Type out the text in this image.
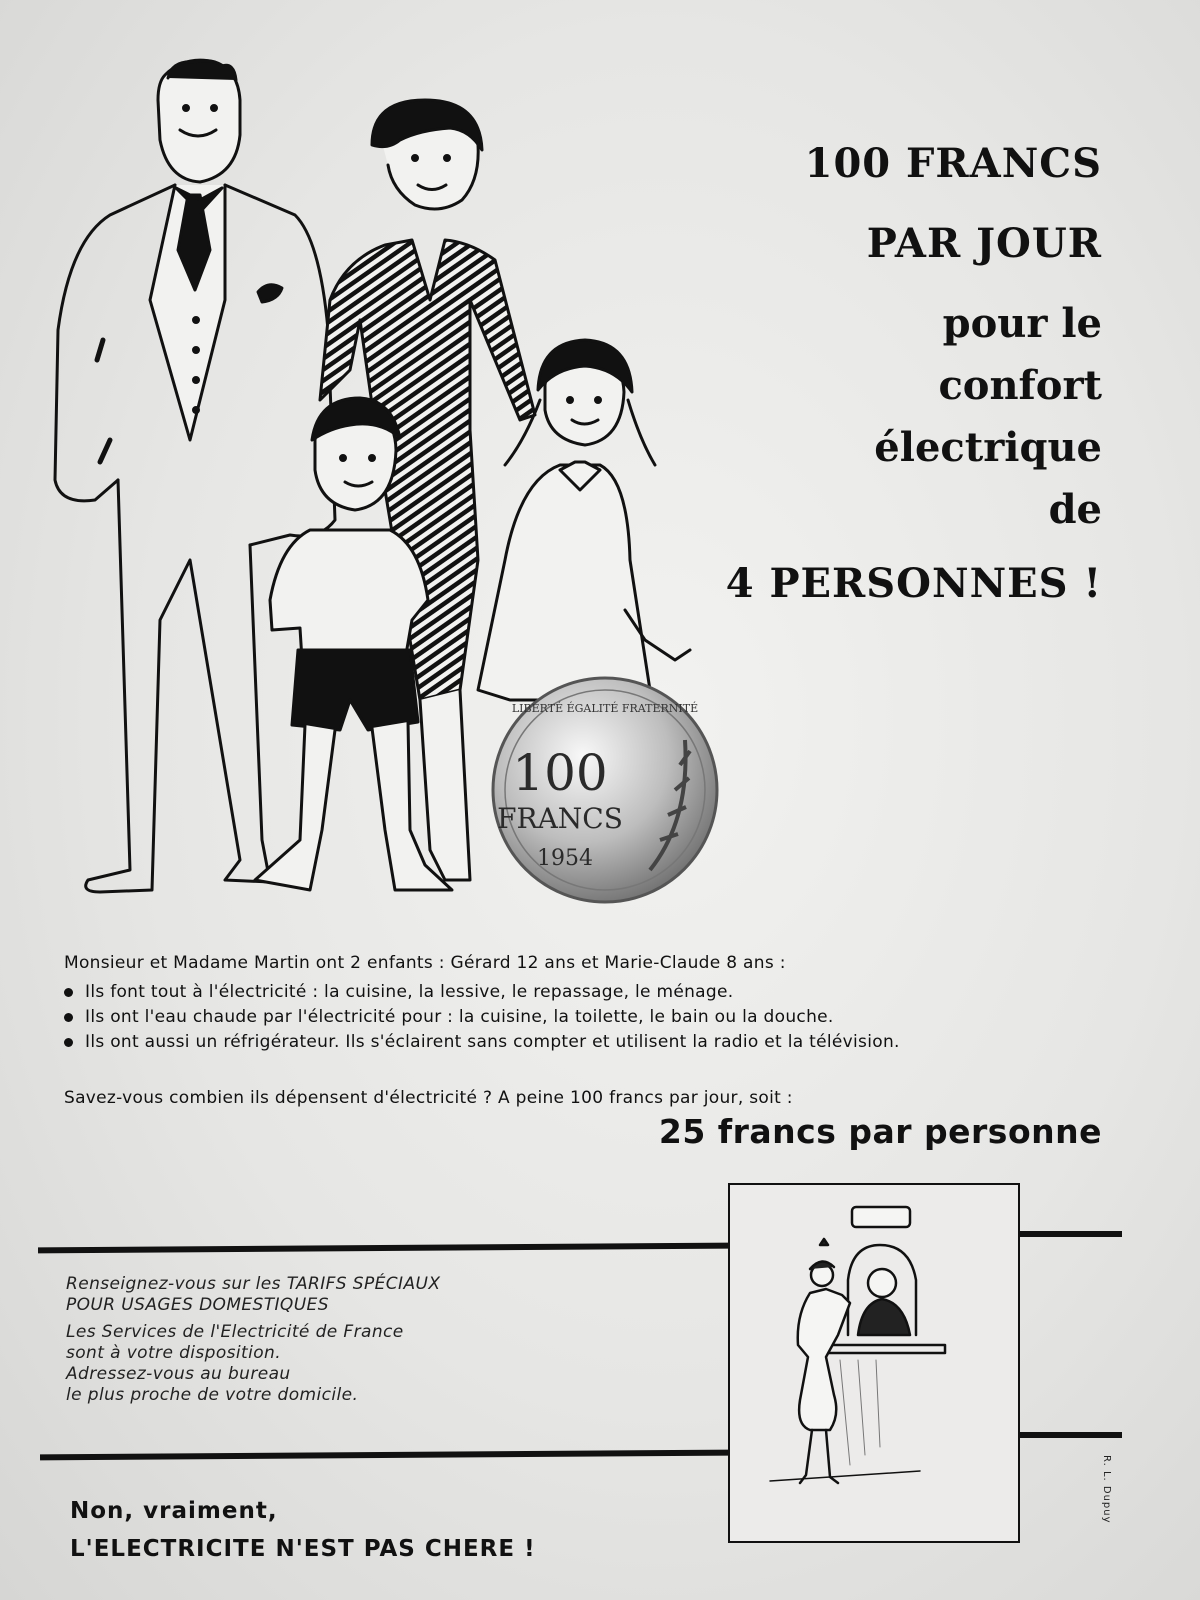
LIBERTÉ ÉGALITÉ FRATERNITÉ
100
FRANCS
1954
100 FRANCS
PAR JOUR
pour le
confort
électrique
de
4 PERSONNES !
Monsieur et Madame Martin ont 2 enfants : Gérard 12 ans et Marie-Claude 8 ans :
Ils font tout à l'électricité : la cuisine, la lessive, le repassage, le ménage.
Ils ont l'eau chaude par l'électricité pour : la cuisine, la toilette, le bain ou la douche.
Ils ont aussi un réfrigérateur. Ils s'éclairent sans compter et utilisent la radio et la télévision.
Savez-vous combien ils dépensent d'électricité ? A peine 100 francs par jour, soit :
25 francs par personne
Renseignez-vous sur les TARIFS SPÉCIAUX
POUR USAGES DOMESTIQUES
Les Services de l'Electricité de France
sont à votre disposition.
Adressez-vous au bureau
le plus proche de votre domicile.
Non, vraiment,
L'ELECTRICITE N'EST PAS CHERE !
R. L. Dupuy
